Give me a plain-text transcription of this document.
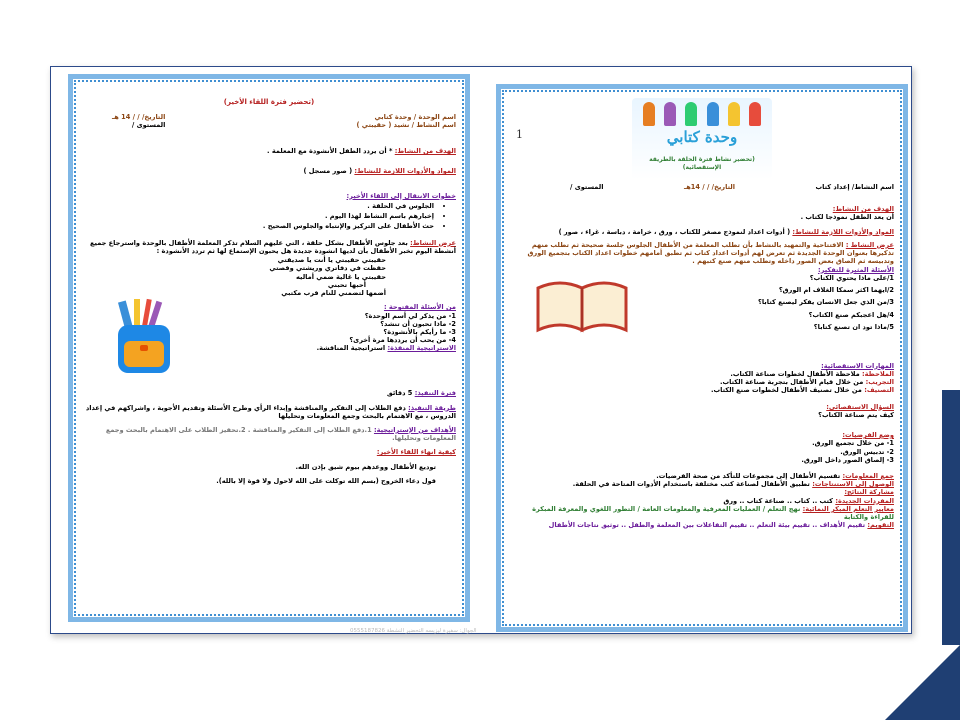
(تحضير فترة اللقاء الأخير)
اسم الوحدة / وحدة كتابي
اسم النشاط / نشيد ( حقيبتي )
التاريخ/ / / 14 هـ
المستوى /
الهدف من النشاط: * أن يردد الطفل الأنشودة مع المعلمة .
المواد والأدوات اللازمة للنشاط: ( صور مسجل )
خطوات الانتقال إلى اللقاء الأخير:
• الجلوس في الحلقة .
• إخبارهم باسم النشاط لهذا اليوم .
• حث الأطفال على التركيز والإنتباه والجلوس الصحيح .
عرض النشاط: بعد جلوس الأطفال بشكل حلقة ، التي عليهم السلام تذكر المعلمة الأطفال بالوحدة واسترجاع جميع أنشطة اليوم تخبر الأطفال بأن لديها انشودة جديدة هل يحبون الإستماع لها ثم تردد الأنشودة :
حقيبتي حقيبتي يا أنت يا صديقتي
حفظت في دفاتري وريشتي وقصتي
حقيبتي يا غالية ضمي أماليه
أحبها تحبني
أضمها لتضمني للنام قرب مكتبي
من الأسئلة المفتوحة :
1- من يذكر لي أسم الوحدة؟
2- ماذا تحبون أن تنشد؟
3- ما رأيكم بالأنشودة؟
4- من يحب أن يرددها مرة أخرى؟
الاستراتيجية المنفذة: استراتيجية المناقشة.
فترة التنفيذ: 5 دقائق
طريقة التنفيذ: دفع الطلاب إلى التفكير والمناقشة وإبداء الرأي وطرح الأسئلة وتقديم الأجوبة ، واشراكهم في إعداد الدروس ، مع الاهتمام بالبحث وجمع المعلومات وتحليلها
الأهداف من الإستراتيجية: 1.دفع الطلاب إلى التفكير والمناقشة . 2.تحفيز الطلاب على الاهتمام بالبحث وجمع المعلومات وتحليلها.
كيفية انهاء اللقاء الأخير:
توديع الأطفال ووعدهم بيوم شيق بإذن الله.
قول دعاء الخروج (بسم الله توكلت على الله لاحول ولا قوة إلا بالله).
1	وحدة كتابي
(تحضير نشاط فترة الحلقة بالطريقة الإستقصائية)
اسم النشاط/ إعداد كتاب
التاريخ/ / / 14هـ
المستوى /
الهدف من النشاط:
أن يعد الطفل نموذجا لكتاب .
المواد والأدوات اللازمة للنشاط: ( أدوات اعداد لنموذج مصغر للكتاب ، ورق ، خرامة ، دباسة ، غراء ، صور )
عرض النشاط : الافتتاحية والتمهيد بالنشاط بأن تطلب المعلمة من الأطفال الجلوس جلسة صحيحة ثم تطلب منهم تذكيرها بعنوان الوحدة الجديدة ثم تعرض لهم أدوات اعداد كتاب ثم تطبق أمامهم خطوات اعداد الكتاب بتجميع الورق وتدبيسه ثم الصاق بعض الصور داخله وتطلب منهم صنع كتبهم .
الأسئلة المثيرة للتفكير:
1/على ماذا يحتوي الكتاب؟
2/ايهما اكثر سمكا الغلاف ام الورق؟
3/من الذي جعل الانسان يفكر ليصنع كتابا؟
4/هل اعجبكم صنع الكتاب؟
5/ماذا تود ان تصنع كتابا؟
المهارات الاستقصائية:
الملاحظة: ملاحظة الأطفال لخطوات صناعة الكتاب.
التجريب: من خلال قيام الأطفال بتجربة صناعة الكتاب.
التصنيف: من خلال تصنيف الأطفال لخطوات صنع الكتاب.
السؤال الاستقصائي:
كيف يتم صناعة الكتاب؟
وضع الفرضيات:
1- من خلال تجميع الورق.
2- تدبيس الورق.
3- إلصاق الصور داخل الورق.
جمع المعلومات: تقسيم الأطفال إلى مجموعات للتأكد من صحة الفرضيات.
الوصول إلى الاستنتاجات: تطبيق الأطفال لصناعة كتب مختلفة باستخدام الأدوات المتاحة في الحلقة.
مشاركة النتائج:
المفردات الجديدة: كتب .. كتاب .. صناعة كتاب .. ورق
معايير التعلم المبكر النمائية: نهج التعلم / العمليات المعرفية والمعلومات العامة / التطور اللغوي والمعرفة المبكرة للقراءة والكتابة
التقويم: تقييم الأهداف .. تقييم بيئة التعلم .. تقييم التفاعلات بين المعلمة والطفل .. توثيق نتاجات الأطفال
الجوال: سفيرة ليزيسه التحضير النشطة 0555187826
